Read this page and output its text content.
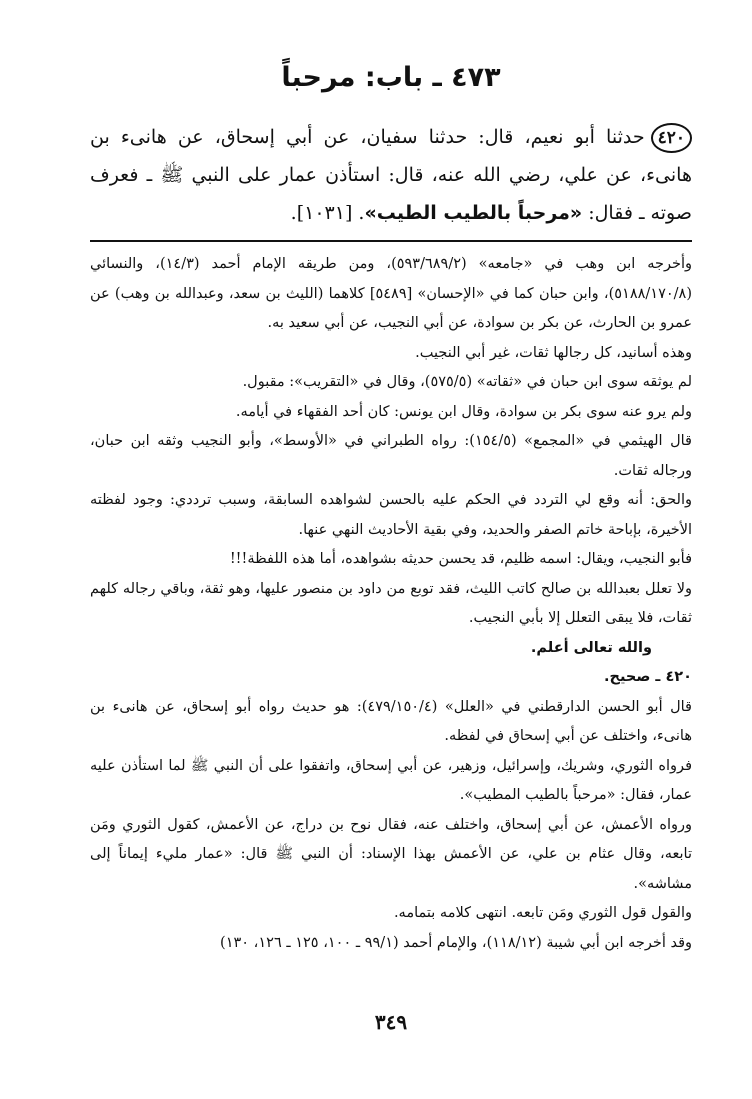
٤٧٣ ـ باب: مرحباً
٤٢٠حدثنا أبو نعيم، قال: حدثنا سفيان، عن أبي إسحاق، عن هانىء بن هانىء، عن علي، رضي الله عنه، قال: استأذن عمار على النبي ﷺ ـ فعرف صوته ـ فقال: «مرحباً بالطيب الطيب». [١٠٣١].

وأخرجه ابن وهب في «جامعه» (٥٩٣/٦٨٩/٢)، ومن طريقه الإمام أحمد (١٤/٣)، والنسائي (٥١٨٨/١٧٠/٨)، وابن حبان كما في «الإحسان» [٥٤٨٩] كلاهما (الليث بن سعد، وعبدالله بن وهب) عن عمرو بن الحارث، عن بكر بن سوادة، عن أبي النجيب، عن أبي سعيد به.

وهذه أسانيد، كل رجالها ثقات، غير أبي النجيب.

لم يوثقه سوى ابن حبان في «ثقاته» (٥٧٥/٥)، وقال في «التقريب»: مقبول.

ولم يرو عنه سوى بكر بن سوادة، وقال ابن يونس: كان أحد الفقهاء في أيامه.

قال الهيثمي في «المجمع» (١٥٤/٥): رواه الطبراني في «الأوسط»، وأبو النجيب وثقه ابن حبان، ورجاله ثقات.

والحق: أنه وقع لي التردد في الحكم عليه بالحسن لشواهده السابقة، وسبب ترددي: وجود لفظته الأخيرة، بإباحة خاتم الصفر والحديد، وفي بقية الأحاديث النهي عنها.

فأبو النجيب، ويقال: اسمه ظليم، قد يحسن حديثه بشواهده، أما هذه اللفظة!!!

ولا تعلل بعبدالله بن صالح كاتب الليث، فقد توبع من داود بن منصور عليها، وهو ثقة، وباقي رجاله كلهم ثقات، فلا يبقى التعلل إلا بأبي النجيب.

والله تعالى أعلم.

٤٢٠ ـ صحيح.

قال أبو الحسن الدارقطني في «العلل» (٤٧٩/١٥٠/٤): هو حديث رواه أبو إسحاق، عن هانىء بن هانىء، واختلف عن أبي إسحاق في لفظه.

فرواه الثوري، وشريك، وإسرائيل، وزهير، عن أبي إسحاق، واتفقوا على أن النبي ﷺ لما استأذن عليه عمار، فقال: «مرحباً بالطيب المطيب».

ورواه الأعمش، عن أبي إسحاق، واختلف عنه، فقال نوح بن دراج، عن الأعمش، كقول الثوري ومَن تابعه، وقال عثام بن علي، عن الأعمش بهذا الإسناد: أن النبي ﷺ قال: «عمار مليء إيماناً إلى مشاشه».

والقول قول الثوري ومَن تابعه. انتهى كلامه بتمامه.

وقد أخرجه ابن أبي شيبة (١١٨/١٢)، والإمام أحمد (٩٩/١ ـ ١٠٠، ١٢٥ ـ ١٢٦، ١٣٠)

٣٤٩
